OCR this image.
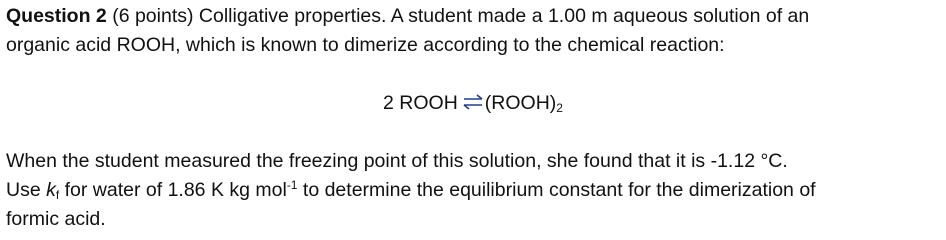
Question 2 (6 points) Colligative properties. A student made a 1.00 m aqueous solution of an
organic acid ROOH, which is known to dimerize according to the chemical reaction:
2 ROOH $\rightleftharpoons(ROOH)_2$
When the student measured the freezing point of this solution, she found that it is -1.12 °C.
Use $k_f$ for water of 1.86 K kg mol$^{-1}$ to determine the equilibrium constant for the dimerization of
formic acid.
